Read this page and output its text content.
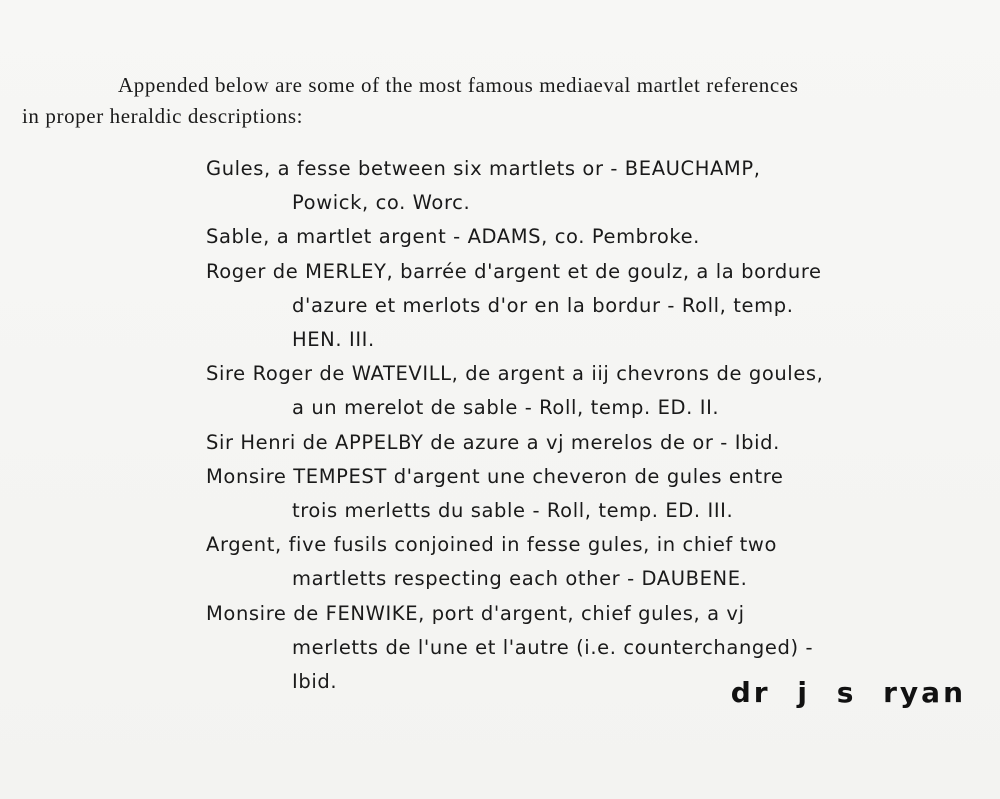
Appended below are some of the most famous mediaeval martlet references
in proper heraldic descriptions:
Gules, a fesse between six martlets or - BEAUCHAMP,
Powick, co. Worc.
Sable, a martlet argent - ADAMS, co. Pembroke.
Roger de MERLEY, barrée d'argent et de goulz, a la bordure
d'azure et merlots d'or en la bordur - Roll, temp.
HEN. III.
Sire Roger de WATEVILL, de argent a iij chevrons de goules,
a un merelot de sable - Roll, temp. ED. II.
Sir Henri de APPELBY de azure a vj merelos de or - Ibid.
Monsire TEMPEST d'argent une cheveron de gules entre
trois merletts du sable - Roll, temp. ED. III.
Argent, five fusils conjoined in fesse gules, in chief two
martletts respecting each other - DAUBENE.
Monsire de FENWIKE, port d'argent, chief gules, a vj
merletts de l'une et l'autre (i.e. counterchanged) -
Ibid.	dr j s ryan
